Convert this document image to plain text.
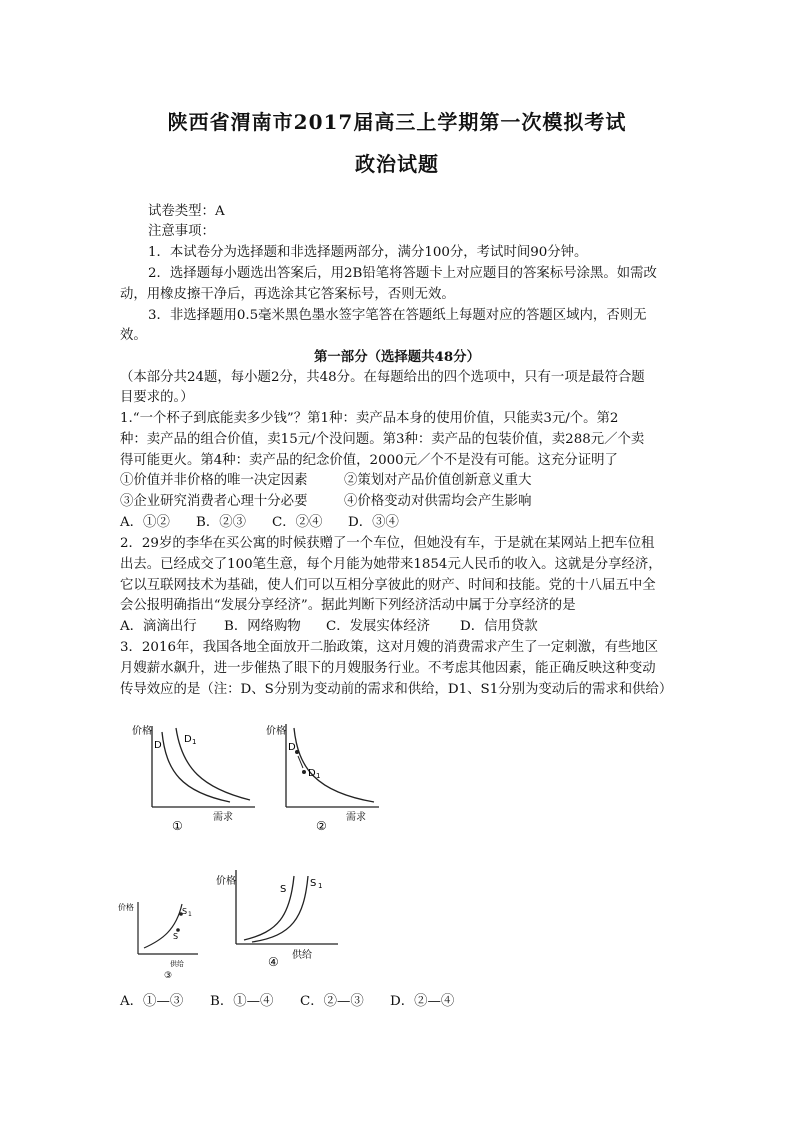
陕西省渭南市2017届高三上学期第一次模拟考试
政治试题
试卷类型：A
注意事项：
1．本试卷分为选择题和非选择题两部分，满分100分，考试时间90分钟。
2．选择题每小题选出答案后，用2B铅笔将答题卡上对应题目的答案标号涂黑。如需改
动，用橡皮擦干净后，再选涂其它答案标号，否则无效。
3．非选择题用0.5毫米黑色墨水签字笔答在答题纸上每题对应的答题区域内，否则无
效。
第一部分（选择题共48分）
（本部分共24题，每小题2分，共48分。在每题给出的四个选项中，只有一项是最符合题
目要求的。）
1.“一个杯子到底能卖多少钱”？第1种：卖产品本身的使用价值，只能卖3元/个。第2
种：卖产品的组合价值，卖15元/个没问题。第3种：卖产品的包装价值，卖288元／个卖
得可能更火。第4种：卖产品的纪念价值，2000元／个不是没有可能。这充分证明了
①价值并非价格的唯一决定因素	②策划对产品价值创新意义重大
③企业研究消费者心理十分必要	④价格变动对供需均会产生影响
A．①② B．②③ C．②④ D．③④
2．29岁的李华在买公寓的时候获赠了一个车位，但她没有车，于是就在某网站上把车位租
出去。已经成交了100笔生意，每个月能为她带来1854元人民币的收入。这就是分享经济，
它以互联网技术为基础，使人们可以互相分享彼此的财产、时间和技能。党的十八届五中全
会公报明确指出“发展分享经济”。据此判断下列经济活动中属于分享经济的是
A．滴滴出行 B．网络购物 C．发展实体经济 D．信用贷款
3．2016年，我国各地全面放开二胎政策，这对月嫂的消费需求产生了一定刺激，有些地区
月嫂薪水飙升，进一步催热了眼下的月嫂服务行业。不考虑其他因素，能正确反映这种变动
传导效应的是（注：D、S分别为变动前的需求和供给，D1、S1分别为变动后的需求和供给）
价格
D
D 1
需求
①
价格
D
D 1
需求
②
价格
S
S 1
供给
③
价格
S
S 1
供给
④
A．①—③ B．①—④ C．②—③ D．②—④
